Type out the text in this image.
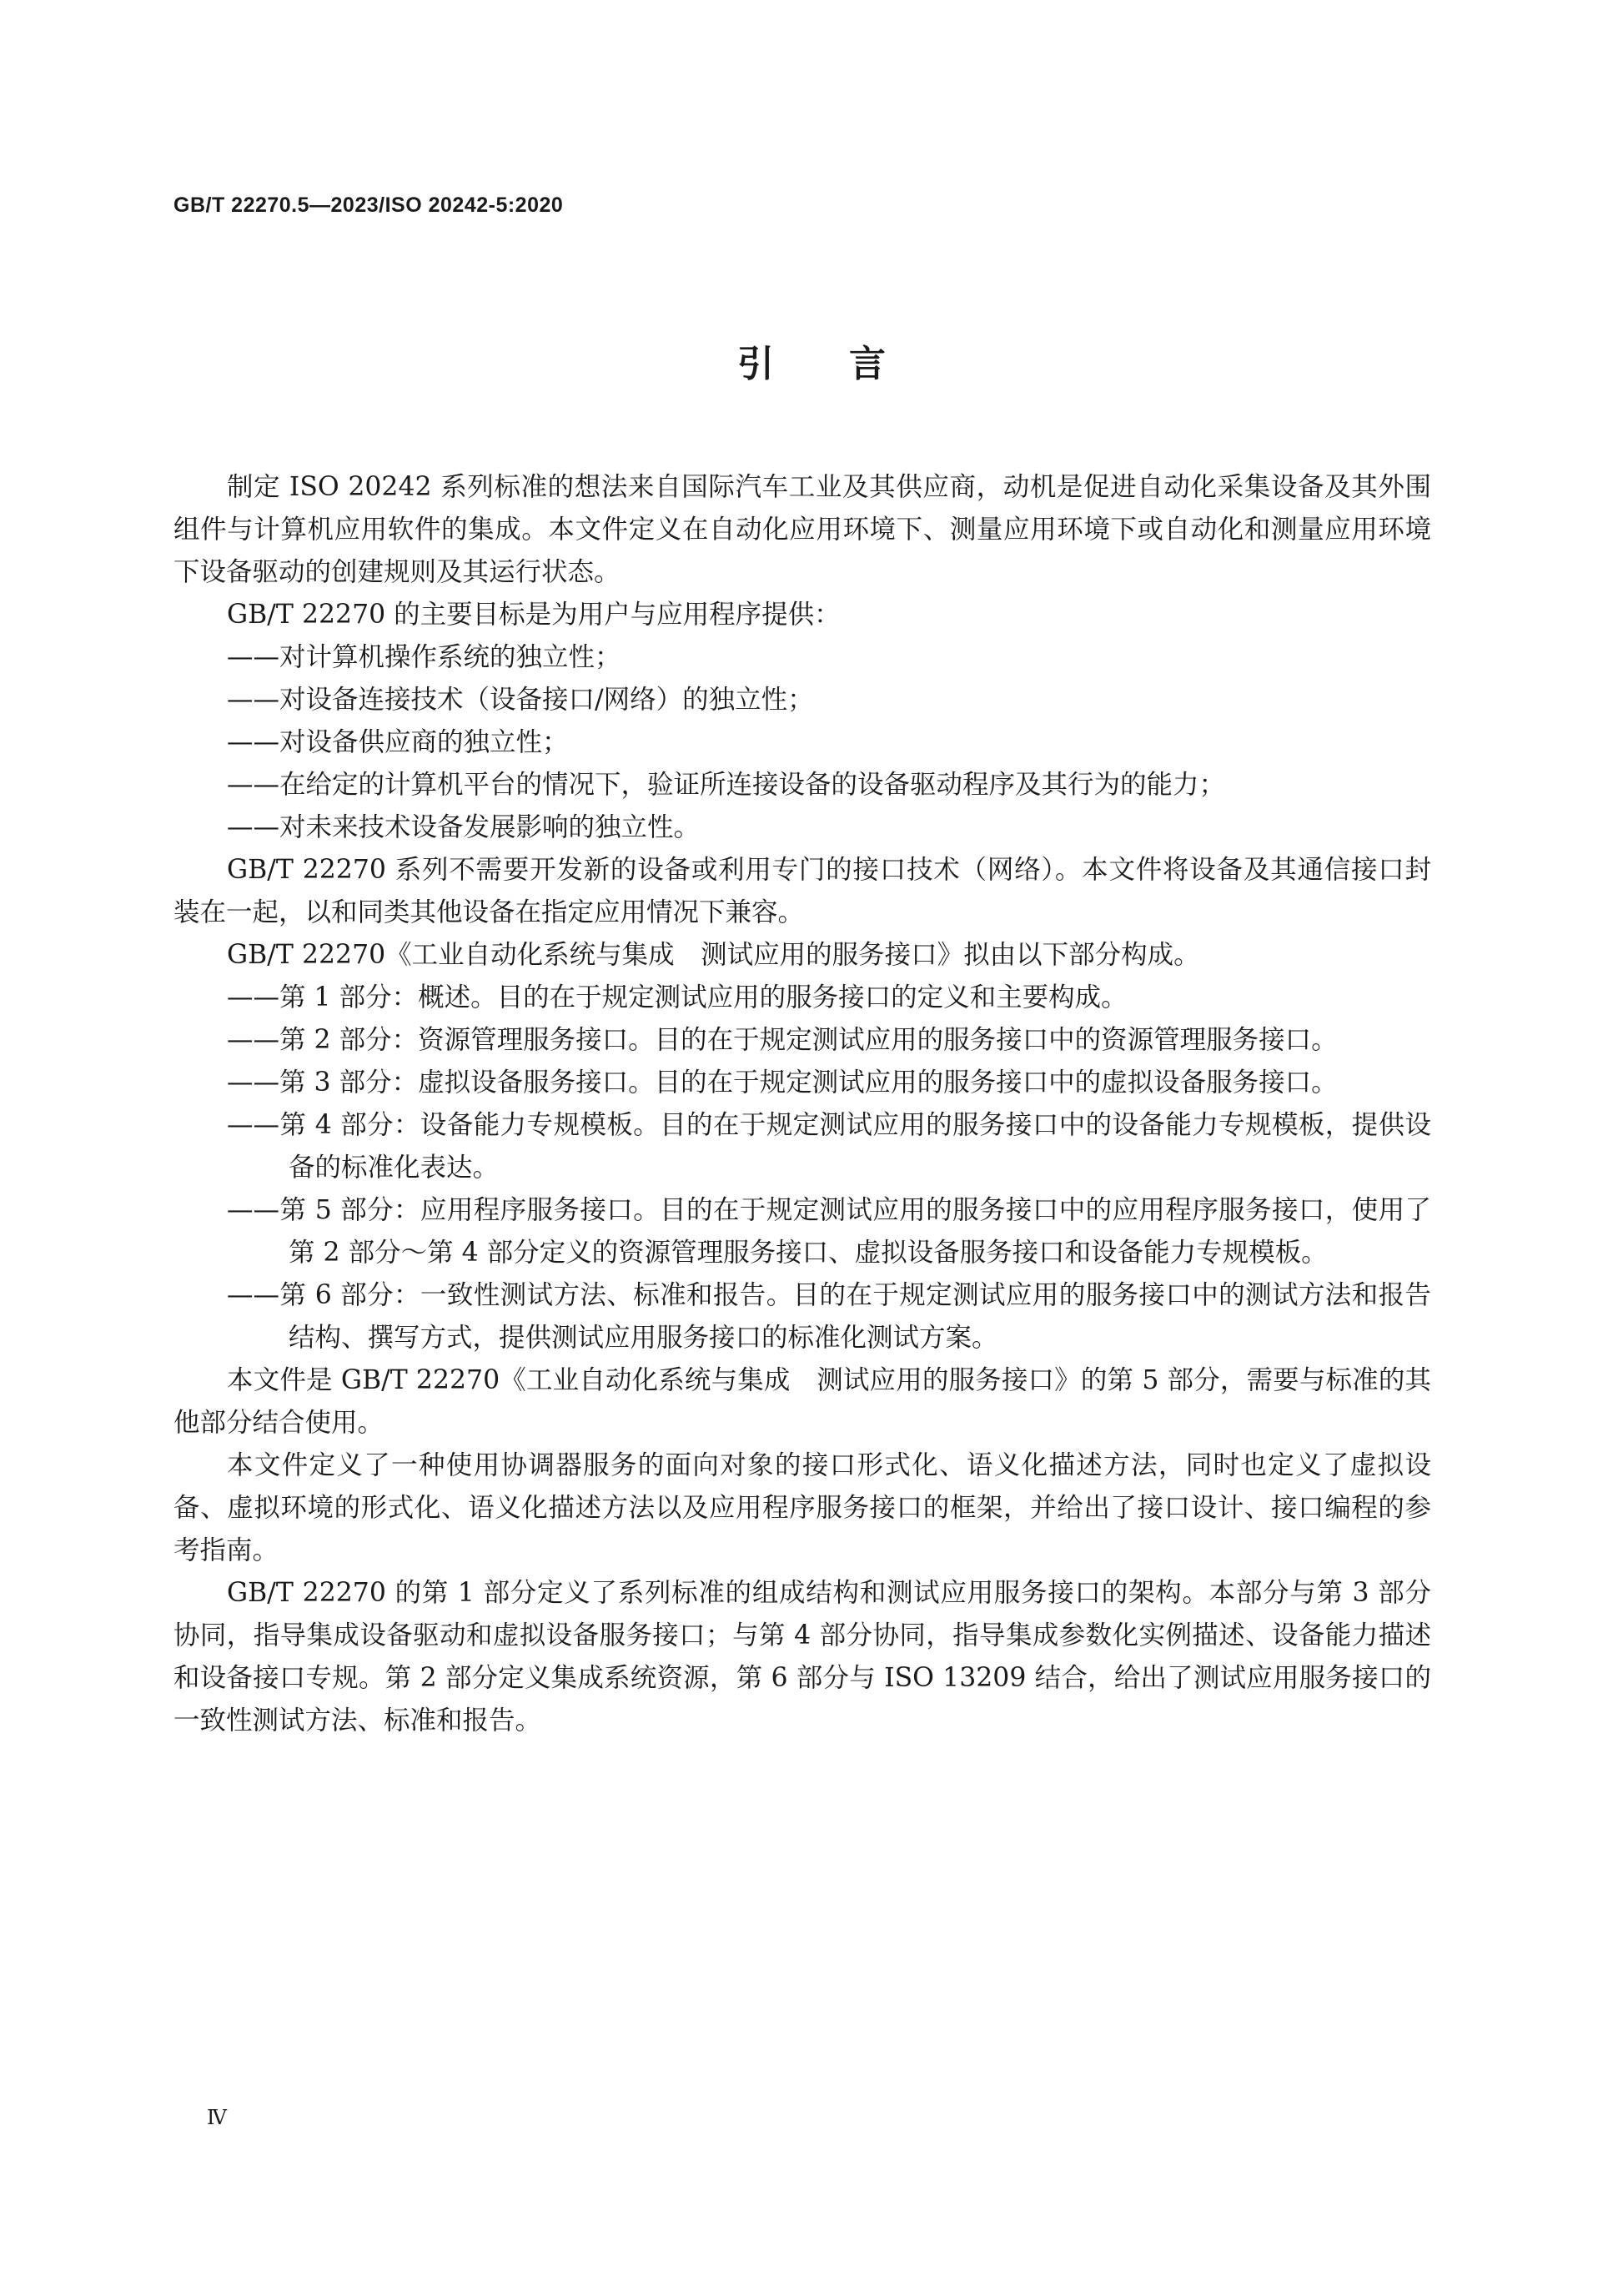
GB/T 22270.5—2023/ISO 20242-5:2020
引言

制定 ISO 20242 系列标准的想法来自国际汽车工业及其供应商，动机是促进自动化采集设备及其外围组件与计算机应用软件的集成。本文件定义在自动化应用环境下、测量应用环境下或自动化和测量应用环境下设备驱动的创建规则及其运行状态。

GB/T 22270 的主要目标是为用户与应用程序提供：

——对计算机操作系统的独立性；

——对设备连接技术（设备接口/网络）的独立性；

——对设备供应商的独立性；

——在给定的计算机平台的情况下，验证所连接设备的设备驱动程序及其行为的能力；

——对未来技术设备发展影响的独立性。

GB/T 22270 系列不需要开发新的设备或利用专门的接口技术（网络）。本文件将设备及其通信接口封装在一起，以和同类其他设备在指定应用情况下兼容。

GB/T 22270《工业自动化系统与集成　测试应用的服务接口》拟由以下部分构成。

——第 1 部分：概述。目的在于规定测试应用的服务接口的定义和主要构成。

——第 2 部分：资源管理服务接口。目的在于规定测试应用的服务接口中的资源管理服务接口。

——第 3 部分：虚拟设备服务接口。目的在于规定测试应用的服务接口中的虚拟设备服务接口。

——第 4 部分：设备能力专规模板。目的在于规定测试应用的服务接口中的设备能力专规模板，提供设备的标准化表达。

——第 5 部分：应用程序服务接口。目的在于规定测试应用的服务接口中的应用程序服务接口，使用了第 2 部分～第 4 部分定义的资源管理服务接口、虚拟设备服务接口和设备能力专规模板。

——第 6 部分：一致性测试方法、标准和报告。目的在于规定测试应用的服务接口中的测试方法和报告结构、撰写方式，提供测试应用服务接口的标准化测试方案。

本文件是 GB/T 22270《工业自动化系统与集成　测试应用的服务接口》的第 5 部分，需要与标准的其他部分结合使用。

本文件定义了一种使用协调器服务的面向对象的接口形式化、语义化描述方法，同时也定义了虚拟设备、虚拟环境的形式化、语义化描述方法以及应用程序服务接口的框架，并给出了接口设计、接口编程的参考指南。

GB/T 22270 的第 1 部分定义了系列标准的组成结构和测试应用服务接口的架构。本部分与第 3 部分协同，指导集成设备驱动和虚拟设备服务接口；与第 4 部分协同，指导集成参数化实例描述、设备能力描述和设备接口专规。第 2 部分定义集成系统资源，第 6 部分与 ISO 13209 结合，给出了测试应用服务接口的一致性测试方法、标准和报告。

Ⅳ
